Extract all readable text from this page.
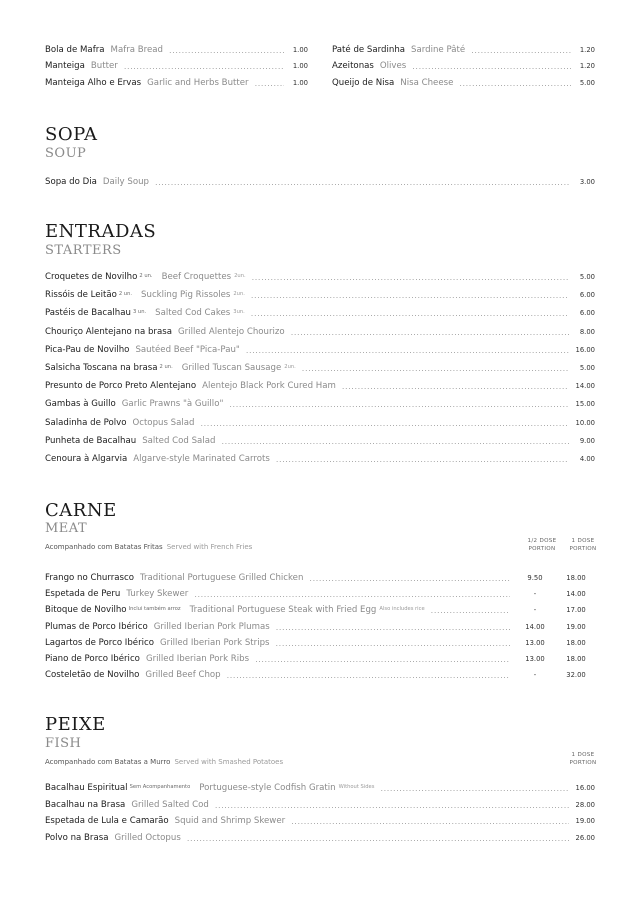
Bola de Mafra Mafra Bread .....	1.00
Manteiga Butter .....	1.00
Manteiga Alho e Ervas Garlic and Herbs Butter .....	1.00
Paté de Sardinha Sardine Pâté .....	1.20
Azeitonas Olives .....	1.20
Queijo de Nisa Nisa Cheese .....	5.00
SOPA
SOUP
Sopa do Dia Daily Soup .....	3.00
ENTRADAS
STARTERS
Croquetes de Novilho 2 un. Beef Croquettes 2un. .....	5.00
Rissóis de Leitão 2 un. Suckling Pig Rissoles 2un. .....	6.00
Pastéis de Bacalhau 3 un. Salted Cod Cakes 3un. .....	6.00
Chouriço Alentejano na brasa Grilled Alentejo Chourizo .....	8.00
Pica-Pau de Novilho Sautéed Beef "Pica-Pau" .....	16.00
Salsicha Toscana na brasa 2 un. Grilled Tuscan Sausage 2un. .....	5.00
Presunto de Porco Preto Alentejano Alentejo Black Pork Cured Ham .....	14.00
Gambas à Guillo Garlic Prawns "à Guillo" .....	15.00
Saladinha de Polvo Octopus Salad .....	10.00
Punheta de Bacalhau Salted Cod Salad .....	9.00
Cenoura à Algarvia Algarve-style Marinated Carrots .....	4.00
CARNE
MEAT
Acompanhado com Batatas Fritas Served with French Fries
1/2 DOSE
PORTION
1 DOSE
PORTION
Frango no Churrasco Traditional Portuguese Grilled Chicken .....	9.50	18.00
Espetada de Peru Turkey Skewer .....	-	14.00
Bitoque de Novilho Inclui também arroz Traditional Portuguese Steak with Fried Egg Also includes rice .....	-	17.00
Plumas de Porco Ibérico Grilled Iberian Pork Plumas .....	14.00	19.00
Lagartos de Porco Ibérico Grilled Iberian Pork Strips .....	13.00	18.00
Piano de Porco Ibérico Grilled Iberian Pork Ribs .....	13.00	18.00
Costeletão de Novilho Grilled Beef Chop .....	-	32.00
PEIXE
FISH
Acompanhado com Batatas a Murro Served with Smashed Potatoes
1 DOSE
PORTION
Bacalhau Espiritual Sem Acompanhamento Portuguese-style Codfish Gratin Without Sides .....	16.00
Bacalhau na Brasa Grilled Salted Cod .....	28.00
Espetada de Lula e Camarão Squid and Shrimp Skewer .....	19.00
Polvo na Brasa Grilled Octopus .....	26.00
